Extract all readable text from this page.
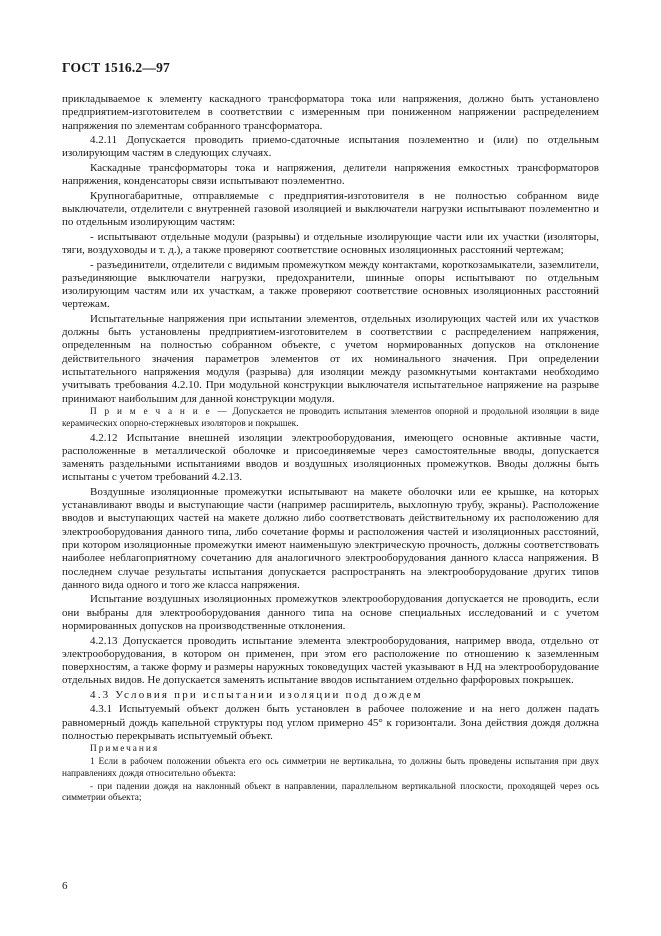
ГОСТ 1516.2—97

прикладываемое к элементу каскадного трансформатора тока или напряжения, должно быть установлено предприятием-изготовителем в соответствии с измеренным при пониженном напряжении распределением напряжения по элементам собранного трансформатора.

4.2.11 Допускается проводить приемо-сдаточные испытания поэлементно и (или) по отдельным изолирующим частям в следующих случаях.

Каскадные трансформаторы тока и напряжения, делители напряжения емкостных трансформаторов напряжения, конденсаторы связи испытывают поэлементно.

Крупногабаритные, отправляемые с предприятия-изготовителя в не полностью собранном виде выключатели, отделители с внутренней газовой изоляцией и выключатели нагрузки испытывают поэлементно и по отдельным изолирующим частям:

- испытывают отдельные модули (разрывы) и отдельные изолирующие части или их участки (изоляторы, тяги, воздуховоды и т. д.), а также проверяют соответствие основных изоляционных расстояний чертежам;

- разъединители, отделители с видимым промежутком между контактами, короткозамыкатели, заземлители, разъединяющие выключатели нагрузки, предохранители, шинные опоры испытывают по отдельным изолирующим частям или их участкам, а также проверяют соответствие основных изоляционных расстояний чертежам.

Испытательные напряжения при испытании элементов, отдельных изолирующих частей или их участков должны быть установлены предприятием-изготовителем в соответствии с распределением напряжения, определенным на полностью собранном объекте, с учетом нормированных допусков на отклонение действительного значения параметров элементов от их номинального значения. При определении испытательного напряжения модуля (разрыва) для изоляции между разомкнутыми контактами необходимо учитывать требования 4.2.10. При модульной конструкции выключателя испытательное напряжение на разрыве принимают наибольшим для данной конструкции модуля.

П р и м е ч а н и е — Допускается не проводить испытания элементов опорной и продольной изоляции в виде керамических опорно-стержневых изоляторов и покрышек.

4.2.12 Испытание внешней изоляции электрооборудования, имеющего основные активные части, расположенные в металлической оболочке и присоединяемые через самостоятельные вводы, допускается заменять раздельными испытаниями вводов и воздушных изоляционных промежутков. Вводы должны быть испытаны с учетом требований 4.2.13.

Воздушные изоляционные промежутки испытывают на макете оболочки или ее крышке, на которых устанавливают вводы и выступающие части (например расширитель, выхлопную трубу, экраны). Расположение вводов и выступающих частей на макете должно либо соответствовать действительному их расположению для электрооборудования данного типа, либо сочетание формы и расположения частей и изоляционных расстояний, при котором изоляционные промежутки имеют наименьшую электрическую прочность, должны соответствовать наиболее неблагоприятному сочетанию для аналогичного электрооборудования данного класса напряжения. В последнем случае результаты испытания допускается распространять на электрооборудование других типов данного вида одного и того же класса напряжения.

Испытание воздушных изоляционных промежутков электрооборудования допускается не проводить, если они выбраны для электрооборудования данного типа на основе специальных исследований и с учетом нормированных допусков на производственные отклонения.

4.2.13 Допускается проводить испытание элемента электрооборудования, например ввода, отдельно от электрооборудования, в котором он применен, при этом его расположение по отношению к заземленным поверхностям, а также форму и размеры наружных токоведущих частей указывают в НД на электрооборудование отдельных видов. Не допускается заменять испытание вводов испытанием отдельно фарфоровых покрышек.

4.3 Условия при испытании изоляции под дождем

4.3.1 Испытуемый объект должен быть установлен в рабочее положение и на него должен падать равномерный дождь капельной структуры под углом примерно 45° к горизонтали. Зона действия дождя должна полностью перекрывать испытуемый объект.

Примечания

1 Если в рабочем положении объекта его ось симметрии не вертикальна, то должны быть проведены испытания при двух направлениях дождя относительно объекта:

- при падении дождя на наклонный объект в направлении, параллельном вертикальной плоскости, проходящей через ось симметрии объекта;

6
